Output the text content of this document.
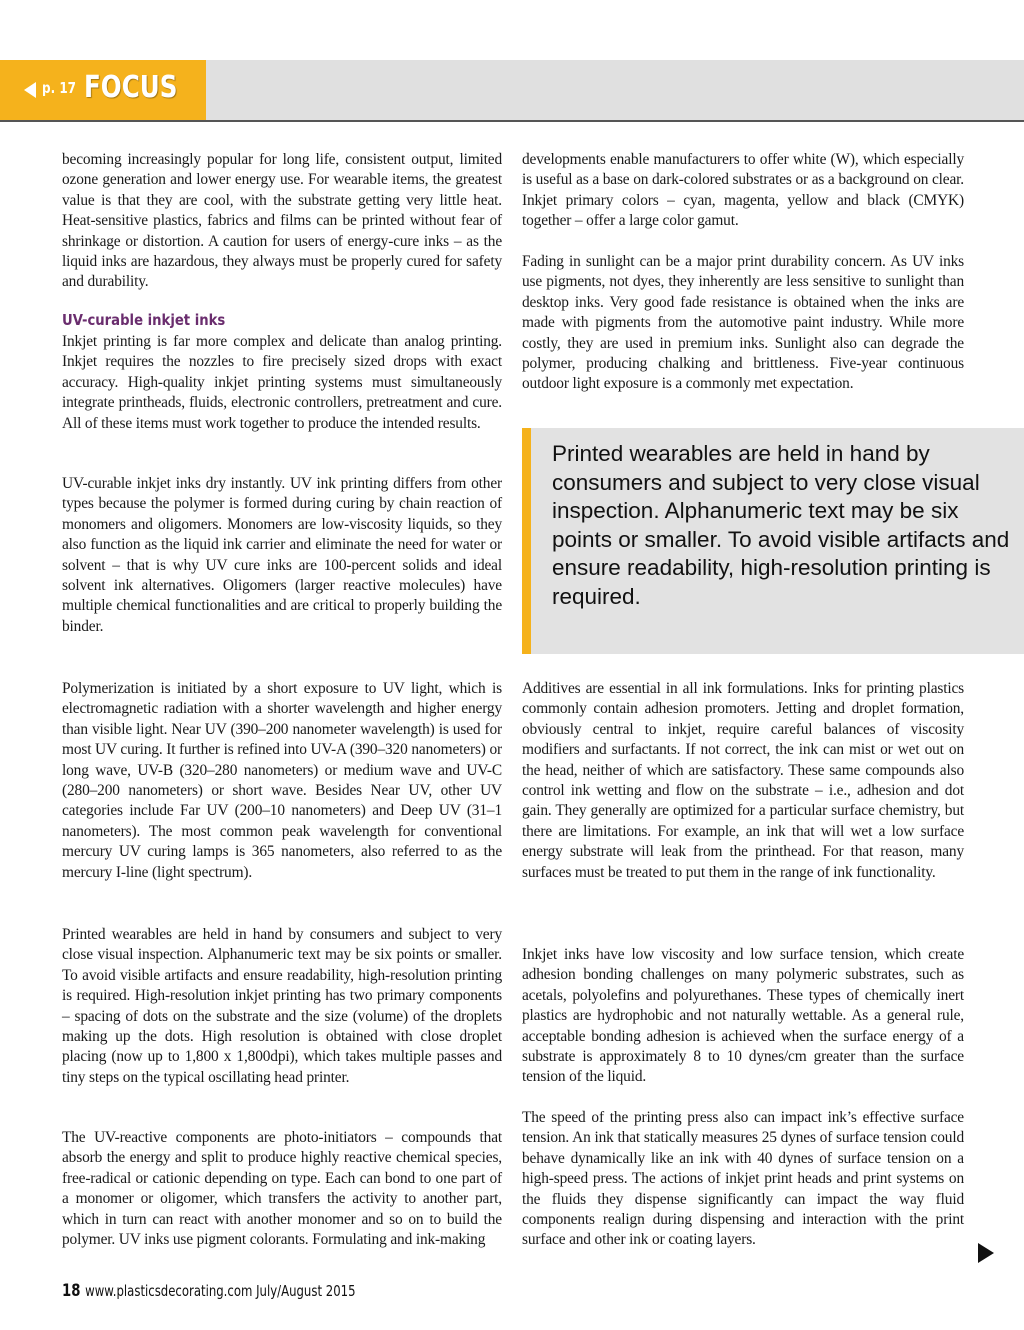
p. 17 FOCUS

becoming increasingly popular for long life, consistent output, limited ozone generation and lower energy use. For wearable items, the greatest value is that they are cool, with the substrate getting very little heat. Heat-sensitive plastics, fabrics and films can be printed without fear of shrinkage or distortion. A caution for users of energy-cure inks – as the liquid inks are hazardous, they always must be properly cured for safety and durability.

UV-curable inkjet inks

Inkjet printing is far more complex and delicate than analog printing. Inkjet requires the nozzles to fire precisely sized drops with exact accuracy. High-quality inkjet printing systems must simultaneously integrate printheads, fluids, electronic controllers, pretreatment and cure. All of these items must work together to produce the intended results.

UV-curable inkjet inks dry instantly. UV ink printing differs from other types because the polymer is formed during curing by chain reaction of monomers and oligomers. Monomers are low-viscosity liquids, so they also function as the liquid ink carrier and eliminate the need for water or solvent – that is why UV cure inks are 100-percent solids and ideal solvent ink alternatives. Oligomers (larger reactive molecules) have multiple chemical functionalities and are critical to properly building the binder.

Polymerization is initiated by a short exposure to UV light, which is electromagnetic radiation with a shorter wavelength and higher energy than visible light. Near UV (390–200 nanometer wavelength) is used for most UV curing. It further is refined into UV-A (390–320 nanometers) or long wave, UV-B (320–280 nanometers) or medium wave and UV-C (280–200 nanometers) or short wave. Besides Near UV, other UV categories include Far UV (200–10 nanometers) and Deep UV (31–1 nanometers). The most common peak wavelength for conventional mercury UV curing lamps is 365 nanometers, also referred to as the mercury I-line (light spectrum).

Printed wearables are held in hand by consumers and subject to very close visual inspection. Alphanumeric text may be six points or smaller. To avoid visible artifacts and ensure readability, high-resolution printing is required. High-resolution inkjet printing has two primary components – spacing of dots on the substrate and the size (volume) of the droplets making up the dots. High resolution is obtained with close droplet placing (now up to 1,800 x 1,800dpi), which takes multiple passes and tiny steps on the typical oscillating head printer.

The UV-reactive components are photo-initiators – compounds that absorb the energy and split to produce highly reactive chemical species, free-radical or cationic depending on type. Each can bond to one part of a monomer or oligomer, which transfers the activity to another part, which in turn can react with another monomer and so on to build the polymer. UV inks use pigment colorants. Formulating and ink-making

developments enable manufacturers to offer white (W), which especially is useful as a base on dark-colored substrates or as a background on clear. Inkjet primary colors – cyan, magenta, yellow and black (CMYK) together – offer a large color gamut.

Fading in sunlight can be a major print durability concern. As UV inks use pigments, not dyes, they inherently are less sensitive to sunlight than desktop inks. Very good fade resistance is obtained when the inks are made with pigments from the automotive paint industry. While more costly, they are used in premium inks. Sunlight also can degrade the polymer, producing chalking and brittleness. Five-year continuous outdoor light exposure is a commonly met expectation.

Printed wearables are held in hand by consumers and subject to very close visual inspection. Alphanumeric text may be six points or smaller. To avoid visible artifacts and ensure readability, high-resolution printing is required.

Additives are essential in all ink formulations. Inks for printing plastics commonly contain adhesion promoters. Jetting and droplet formation, obviously central to inkjet, require careful balances of viscosity modifiers and surfactants. If not correct, the ink can mist or wet out on the head, neither of which are satisfactory. These same compounds also control ink wetting and flow on the substrate – i.e., adhesion and dot gain. They generally are optimized for a particular surface chemistry, but there are limitations. For example, an ink that will wet a low surface energy substrate will leak from the printhead. For that reason, many surfaces must be treated to put them in the range of ink functionality.

Inkjet inks have low viscosity and low surface tension, which create adhesion bonding challenges on many polymeric substrates, such as acetals, polyolefins and polyurethanes. These types of chemically inert plastics are hydrophobic and not naturally wettable. As a general rule, acceptable bonding adhesion is achieved when the surface energy of a substrate is approximately 8 to 10 dynes/cm greater than the surface tension of the liquid.

The speed of the printing press also can impact ink’s effective surface tension. An ink that statically measures 25 dynes of surface tension could behave dynamically like an ink with 40 dynes of surface tension on a high-speed press. The actions of inkjet print heads and print systems on the fluids they dispense significantly can impact the way fluid components realign during dispensing and interaction with the print surface and other ink or coating layers.

18 www.plasticsdecorating.com July/August 2015
